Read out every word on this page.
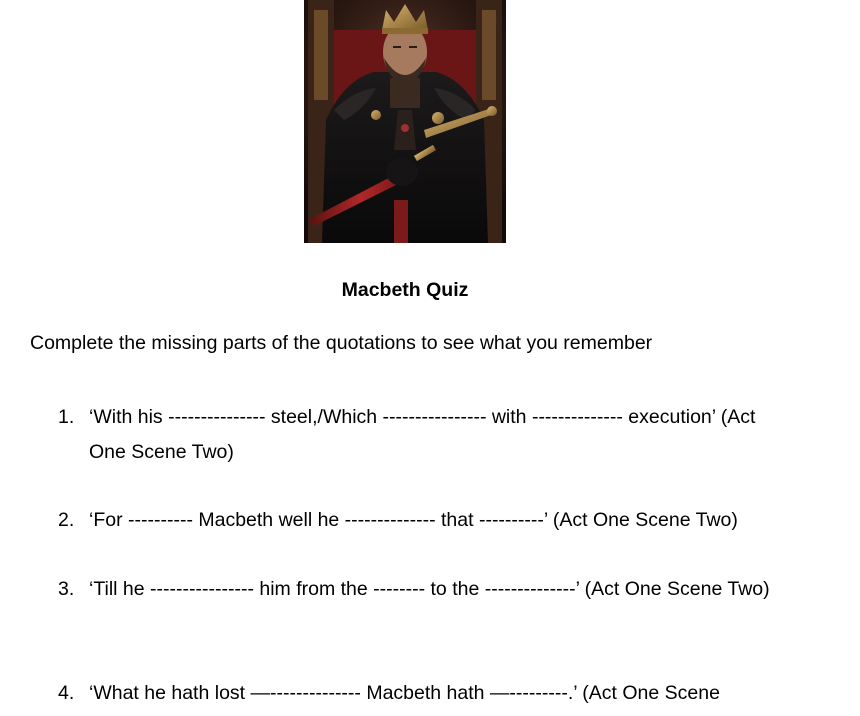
Macbeth Quiz
Complete the missing parts of the quotations to see what you remember
1. ‘With his --------------- steel,/Which ---------------- with -------------- execution’ (Act One Scene Two)
2. ‘For ---------- Macbeth well he -------------- that ----------’ (Act One Scene Two)
3. ‘Till he ---------------- him from the -------- to the --------------’ (Act One Scene Two)
4. ‘What he hath lost —-------------- Macbeth hath —---------.’ (Act One Scene
